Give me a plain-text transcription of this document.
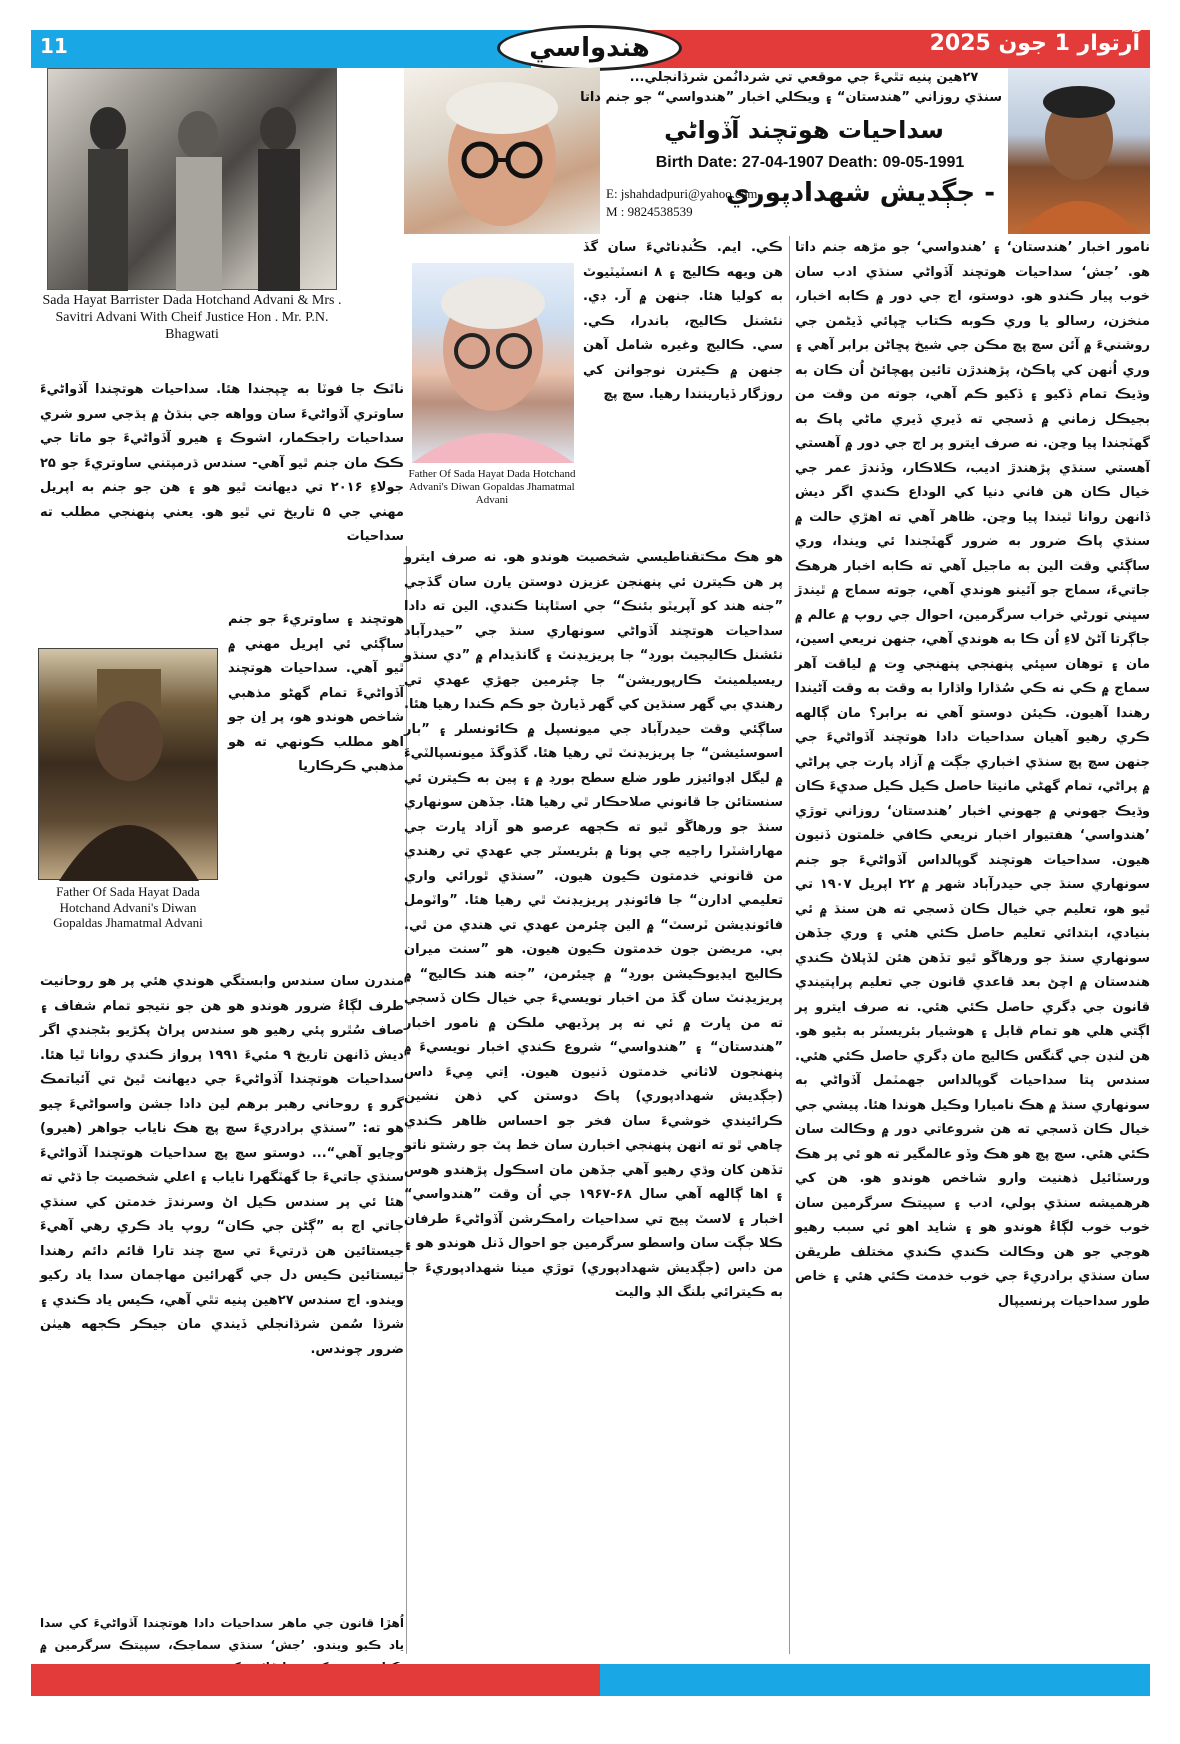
11	آرتوار 1 جون 2025
هندواسي
۲۷هين پنيه تٿيءَ جي موقعي تي شردانُمن شرڌانجلي...
سنڌي روزاني ”هندستان“ ۽ ويڪلي اخبار ”هندواسي“ جو جنم داتا
سداحيات هوتچند آڏواڻي
Birth Date: 27-04-1907 Death: 09-05-1991
E: jshahdadpuri@yahoo.com
M : 9824538539
- جڳديش شهدادپوري
Sada Hayat Barrister Dada Hotchand Advani & Mrs . Savitri Advani With Cheif Justice Hon . Mr. P.N. Bhagwati
Father Of Sada Hayat Dada Hotchand Advani's Diwan Gopaldas Jhamatmal Advani
Father Of Sada Hayat Dada Hotchand Advani's Diwan Gopaldas Jhamatmal Advani

نامور اخبار ’هندستان‘ ۽ ’هندواسي‘ جو مڙهه جنم داتا هو. ’جش‘ سداحيات هوتچند آڏواڻي سنڌي ادب سان خوب پيار ڪندو هو. دوستو، اڄ جي دور ۾ ڪابه اخبار، منخزن، رسالو يا وري ڪوبه ڪتاب ڇپائي ڏيڻمن جي روشنيءَ ۾ آئن سچ پچ مڪن جي شيخ پڇاڻن برابر آهي ۽ وري اُنهن کي پاڪڻ، پڙهندڙن تائين پهچائڻ اُن ڪان به وڌيڪ تمام ڏکيو ۽ ڏکيو ڪم آهي، جوته من وقت من بجيڪل زماني ۾ ڏسجي ته ڏيري ڏيري ماڻي پاڪ به گهٽجندا پيا وڃن. نه صرف ايترو پر اڄ جي دور ۾ آهستي آهستي سنڌي پڙهندڙ اديب، ڪلاڪار، وڏندڙ عمر جي خيال ڪان هن فاني دنيا کي الوداع ڪندي اگر ديش ڏانهن روانا ٿيندا پيا وڃن. ظاهر آهي ته اهڙي حالت ۾ سنڌي پاڪ ضرور به ضرور گهٽجندا ئي ويندا، وري ساڳئي وقت الين به ماجيل آهي ته ڪابه اخبار هرهڪ جاتيءَ، سماج جو آئينو هوندي آهي، جوته سماج ۾ ٿيندڙ سڀني تورڻي خراب سرگرمين، احوال جي روپ ۾ عالم ۾ جاڳرتا آڻڻ لاءِ اُن ڪا به هوندي آهي، جنهن نريعي اسين، مان ۽ توهان سڀئي پنهنجي پنهنجي وِت ۾ لياقت آهر سماج ۾ ڪي نه ڪي سُڌارا واڌارا به وقت به وقت آڻيندا رهندا آهيون. ڪيئن دوستو آهي نه برابر؟ مان ڳالهه ڪري رهيو آهيان سداحيات دادا هوتچند آڏواڻيءَ جي جنهن سچ پچ سنڌي اخباري جڳت ۾ آزاد پارت جي پراڻي ۾ پراڻي، تمام گهڻي مانيتا حاصل ڪيل ڪيل صديءَ ڪان وڌيڪ جهوني ۾ جهوني اخبار ’هندستان‘ روزاني توڙي ’هندواسي‘ هفتيوار اخبار نريعي ڪافي خلمتون ڏنيون هيون. سداحيات هوتچند گوپالداس آڏواڻيءَ جو جنم سونهاري سنڌ جي حيدرآباد شهر ۾ ۲۲ اپريل ۱۹۰۷ تي ٿيو هو، تعليم جي خيال ڪان ڏسجي ته هن سنڌ ۾ ئي بنيادي، ابتدائي تعليم حاصل ڪئي هئي ۽ وري جڏهن سونهاري سنڌ جو ورهاڱو ٿيو تڏهن هئن لڏپلاڻ ڪندي هندستان ۾ اچڻ بعد قاعدي قانون جي تعليم پراپتيندي قانون جي ڊگري حاصل ڪئي هئي. نه صرف ايترو پر اڳتي هلي هو تمام قابل ۽ هوشيار بئريسٽر به بڻيو هو. هن لنڊن جي گنگس ڪاليج مان ڊگري حاصل ڪئي هئي. سندس پتا سداحيات گوپالداس جهمٽمل آڏواڻي به سونهاري سنڌ ۾ هڪ ناميارا وڪيل هوندا هئا. پيشي جي خيال ڪان ڏسجي ته هن شروعاتي دور ۾ وڪالت سان ڪئي هئي. سچ پچ هو هڪ وڏو عالمگير ته هو ئي پر هڪ ورسٽائيل ذهنيت وارو شاخص هوندو هو. هن کي هرهميشه سنڌي ٻولي، ادب ۽ سپيتڪ سرگرمين سان خوب خوب لڳاءُ هوندو هو ۽ شايد اهو ئي سبب رهيو هوجي جو هن وڪالت ڪندي ڪندي مختلف طريقن سان سنڌي برادريءَ جي خوب خدمت ڪئي هئي ۽ خاص طور سداحيات پرنسيپال

ڪي. ايم. ڪُنڊناڻيءَ سان گڏ هن ويهه ڪاليج ۽ ۸ انسٽيٽيوٽ به کوليا هئا. جنهن ۾ آر. ڊي. نئشنل ڪاليج، باندرا، ڪي. سي. ڪاليج وغيره شامل آهن جنهن ۾ ڪيترن نوجوانن کي روزگار ڏيارينندا رهيا. سچ پچ

هو هڪ مڪتقناطيسي شخصيت هوندو هو. نه صرف ايترو پر هن ڪيترن ئي پنهنجن عزيزن دوستن يارن سان گڏجي ”جنه هند کو آپريٽو بئنڪ“ جي اسٿاپنا ڪندي. الين ته دادا سداحيات هوتچند آڏواڻي سونهاري سنڌ جي ”حيدرآباد نئشنل ڪاليجيٽ بورڊ“ جا پريزيڊنٽ ۽ گانڌيدام ۾ ”دي سنڌو ريسيلمينٽ ڪارپوريشن“ جا چئرمين جهڙي عهدي تي رهندي بي گهر سنڌين کي گهر ڏيارڻ جو ڪم ڪندا رهيا هئا. ساڳئي وقت حيدرآباد جي ميونسپل ۾ ڪائونسلر ۽ ”بار اسوسئيشن“ جا پريزيڊنٽ ٿي رهيا هئا. گڏوگڏ ميونسپالٽيءَ ۾ ليگل اڊوائيزر طور ضلع سطح بورڊ ۾ ۽ پين به ڪيترن ئي سنستائن جا قانوني صلاحڪار ٿي رهيا هئا. جڏهن سونهاري سنڌ جو ورهاڱو ٿيو ته ڪجهه عرصو هو آزاد ڀارت جي مهاراشٽرا راجيه جي پونا ۾ بئريسٽر جي عهدي تي رهندي من قانوني خدمتون ڪيون هيون. ”سنڌي ٿورائي واري تعليمي ادارن“ جا فائونڊر پريزيڊنٽ ٿي رهيا هئا. ”واٽومل فائونڊيشن ٽرسٽ“ ۾ الين چئرمن عهدي تي هندي من ٿي. بي. مريضن جون خدمتون ڪيون هيون. هو ”سنت ميران ڪاليج ايڊيوڪيشن بورڊ“ ۾ چيئرمن، ”جنه هند ڪاليج“ ۾ پريزيڊنٽ سان گڏ من اخبار نويسيءَ جي خيال ڪان ڏسجي ته من ڀارت ۾ ئي نه پر پرڏيهي ملڪن ۾ نامور اخبار ”هندستان“ ۽ ”هندواسي“ شروع ڪندي اخبار نويسيءَ ۾ پنهنجون لاثاني خدمتون ڏنيون هيون. اِتي مِيءَ داس (جڳديش شهدادپوري) پاڪ دوستن کي ذهن نشين ڪرائيندي خوشيءَ سان فخر جو احساس ظاهر ڪندي چاهي ٿو ته انهن پنهنجي اخبارن سان خط پٽ جو رشتو ناتو تڏهن کان وڌي رهيو آهي جڏهن مان اسڪول پڙهندو هوس ۽ اها ڳالهه آهي سال ۶۸-۱۹۶۷ جي اُن وقت ”هندواسي“ اخبار ۽ لاسٽ پيج تي سداحيات رامڪرشن آڏواڻيءَ طرفان ڪلا جڳت سان واسطو سرگرمين جو احوال ڏنل هوندو هو ۽ من داس (جڳديش شهدادپوري) توڙي مينا شهدادپوريءَ جا به ڪيترائي بلنگ الڊ واليت

ناٽڪ جا فوٽا به ڇپجندا هئا. سداحيات هوتچندا آڏواڻيءَ ساوتري آڏواڻيءَ سان وواهه جي بنڌڻ ۾ ٻڌجي سرو شري سداحيات راجڪمار، اشوڪ ۽ هيرو آڏواڻيءَ جو ماتا جي ڪڪ مان جنم ٿيو آهي- سندس ڌرمپتني ساوتريءَ جو ۲۵ جولاءِ ۲۰۱۶ تي ديهانت ٿيو هو ۽ هن جو جنم به اپريل مهني جي ۵ تاريخ تي ٿيو هو. يعني پنهنجي مطلب ته سداحيات

هوتچند ۽ ساوتريءَ جو جنم ساڳئي ئي اپريل مهني ۾ ٿيو آهي. سداحيات هوتچند آڏواڻيءَ تمام گهڻو مذهبي شاخص هوندو هو، پر اِن جو اهو مطلب ڪونهي ته هو مذهبي ڪرڪاريا

مندرن سان سندس وابستگي هوندي هئي پر هو روحانيت طرف لڳاءُ ضرور هوندو هو هن جو نتيجو تمام شفاف ۽ صاف سُٿرو پئي رهيو هو سندس پراڻ پکڙيو بڻجندي اگر ديش ڏانهن تاريخ ۹ مئيءَ ۱۹۹۱ پرواز ڪندي روانا ٿيا هئا. سداحيات هوتچندا آڏواڻيءَ جي ديهانت ٿيڻ تي آئياتمڪ گرو ۽ روحاني رهبر برهم لين دادا جشن واسواڻيءَ چيو هو ته: ”سنڌي برادريءَ سچ پچ هڪ ناياب جواهر (هيرو) وڃايو آهي“... دوستو سچ پچ سداحيات هوتچندا آڏواڻيءَ سنڌي جاتيءَ جا گهٽگهرا ناياب ۽ اعلي شخصيت جا ڌڻي ته هئا ئي پر سندس ڪيل اڻ وسرندڙ خدمتن کي سنڌي جاتي اڄ به ”ڳڻن جي ڪان“ روپ ياد ڪري رهي آهيءَ جيستائين هن ڌرتيءَ تي سچ چند تارا قائم دائم رهندا تيستائين ڪيس دل جي گهرائين مهاجمان سدا ياد رکيو ويندو. اڄ سندس ۲۷هين پنيه تٿي آهي، ڪيس ياد ڪندي ۽ شرڌا سُمن شرڌانجلي ڏيندي مان جيڪر ڪجهه هيٺن ضرور چوندس.

اُهڙا قانون جي ماهر سداحيات دادا هوتچندا آڏواڻيءَ کي سدا ياد ڪيو ويندو. ’جش‘ سنڌي سماجڪ، سپيتڪ سرگرمين ۾
